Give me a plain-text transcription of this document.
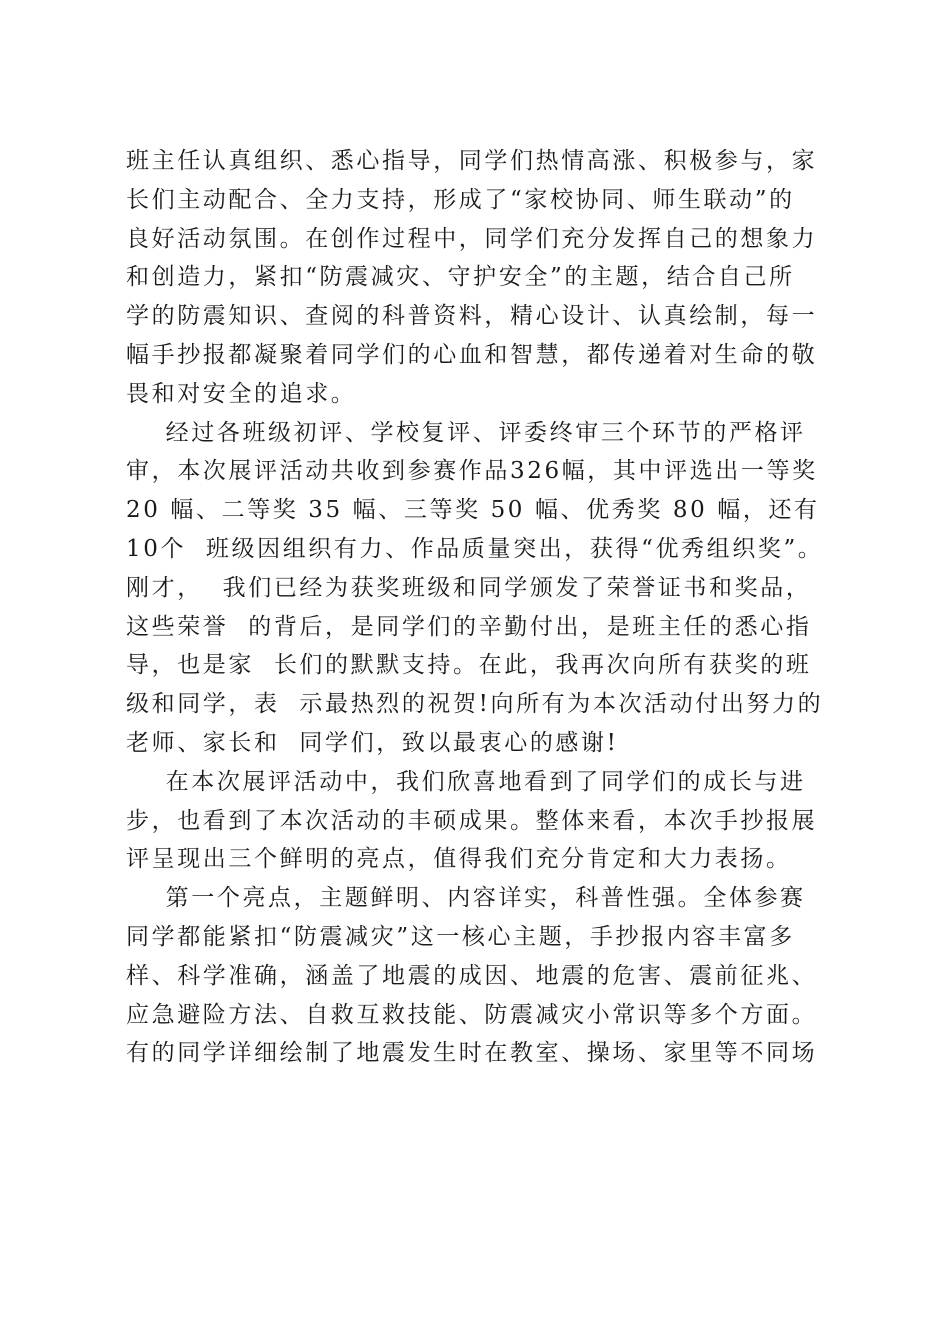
班主任认真组织、悉心指导，同学们热情高涨、积极参与，家
长们主动配合、全力支持，形成了“家校协同、师生联动”的
良好活动氛围。在创作过程中，同学们充分发挥自己的想象力
和创造力，紧扣“防震减灾、守护安全”的主题，结合自己所
学的防震知识、查阅的科普资料，精心设计、认真绘制，每一
幅手抄报都凝聚着同学们的心血和智慧，都传递着对生命的敬
畏和对安全的追求。
经过各班级初评、学校复评、评委终审三个环节的严格评
审，本次展评活动共收到参赛作品326幅，其中评选出一等奖
20 幅、二等奖 35 幅、三等奖 50 幅、优秀奖 80 幅，还有
10个  班级因组织有力、作品质量突出，获得“优秀组织奖”。
刚才，  我们已经为获奖班级和同学颁发了荣誉证书和奖品，
这些荣誉  的背后，是同学们的辛勤付出，是班主任的悉心指
导，也是家  长们的默默支持。在此，我再次向所有获奖的班
级和同学，表  示最热烈的祝贺!向所有为本次活动付出努力的
老师、家长和  同学们，致以最衷心的感谢!
在本次展评活动中，我们欣喜地看到了同学们的成长与进
步，也看到了本次活动的丰硕成果。整体来看，本次手抄报展
评呈现出三个鲜明的亮点，值得我们充分肯定和大力表扬。
第一个亮点，主题鲜明、内容详实，科普性强。全体参赛
同学都能紧扣“防震减灾”这一核心主题，手抄报内容丰富多
样、科学准确，涵盖了地震的成因、地震的危害、震前征兆、
应急避险方法、自救互救技能、防震减灾小常识等多个方面。
有的同学详细绘制了地震发生时在教室、操场、家里等不同场
